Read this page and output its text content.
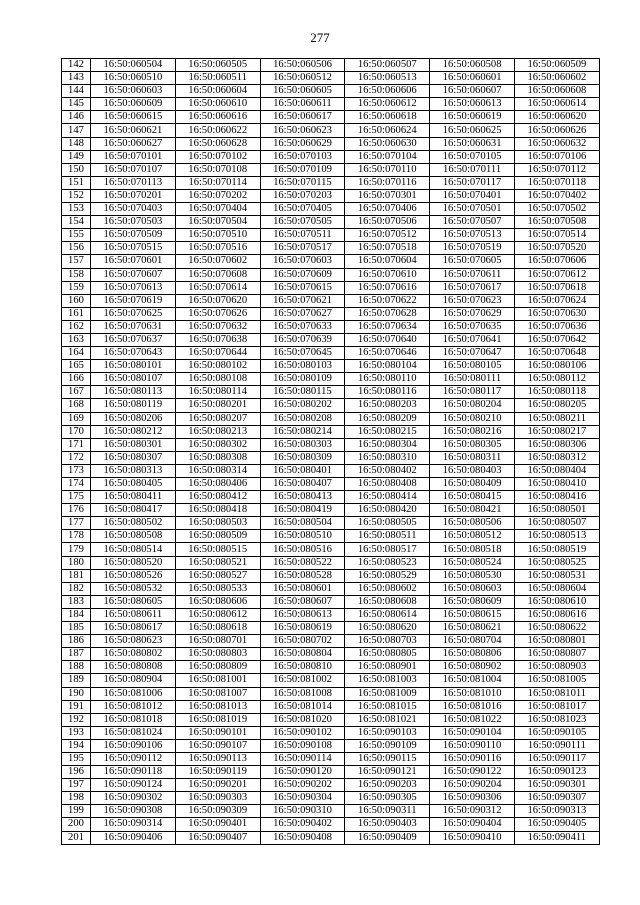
277
142	16:50:060504	16:50:060505	16:50:060506	16:50:060507	16:50:060508	16:50:060509
143	16:50:060510	16:50:060511	16:50:060512	16:50:060513	16:50:060601	16:50:060602
144	16:50:060603	16:50:060604	16:50:060605	16:50:060606	16:50:060607	16:50:060608
145	16:50:060609	16:50:060610	16:50:060611	16:50:060612	16:50:060613	16:50:060614
146	16:50:060615	16:50:060616	16:50:060617	16:50:060618	16:50:060619	16:50:060620
147	16:50:060621	16:50:060622	16:50:060623	16:50:060624	16:50:060625	16:50:060626
148	16:50:060627	16:50:060628	16:50:060629	16:50:060630	16:50:060631	16:50:060632
149	16:50:070101	16:50:070102	16:50:070103	16:50:070104	16:50:070105	16:50:070106
150	16:50:070107	16:50:070108	16:50:070109	16:50:070110	16:50:070111	16:50:070112
151	16:50:070113	16:50:070114	16:50:070115	16:50:070116	16:50:070117	16:50:070118
152	16:50:070201	16:50:070202	16:50:070203	16:50:070301	16:50:070401	16:50:070402
153	16:50:070403	16:50:070404	16:50:070405	16:50:070406	16:50:070501	16:50:070502
154	16:50:070503	16:50:070504	16:50:070505	16:50:070506	16:50:070507	16:50:070508
155	16:50:070509	16:50:070510	16:50:070511	16:50:070512	16:50:070513	16:50:070514
156	16:50:070515	16:50:070516	16:50:070517	16:50:070518	16:50:070519	16:50:070520
157	16:50:070601	16:50:070602	16:50:070603	16:50:070604	16:50:070605	16:50:070606
158	16:50:070607	16:50:070608	16:50:070609	16:50:070610	16:50:070611	16:50:070612
159	16:50:070613	16:50:070614	16:50:070615	16:50:070616	16:50:070617	16:50:070618
160	16:50:070619	16:50:070620	16:50:070621	16:50:070622	16:50:070623	16:50:070624
161	16:50:070625	16:50:070626	16:50:070627	16:50:070628	16:50:070629	16:50:070630
162	16:50:070631	16:50:070632	16:50:070633	16:50:070634	16:50:070635	16:50:070636
163	16:50:070637	16:50:070638	16:50:070639	16:50:070640	16:50:070641	16:50:070642
164	16:50:070643	16:50:070644	16:50:070645	16:50:070646	16:50:070647	16:50:070648
165	16:50:080101	16:50:080102	16:50:080103	16:50:080104	16:50:080105	16:50:080106
166	16:50:080107	16:50:080108	16:50:080109	16:50:080110	16:50:080111	16:50:080112
167	16:50:080113	16:50:080114	16:50:080115	16:50:080116	16:50:080117	16:50:080118
168	16:50:080119	16:50:080201	16:50:080202	16:50:080203	16:50:080204	16:50:080205
169	16:50:080206	16:50:080207	16:50:080208	16:50:080209	16:50:080210	16:50:080211
170	16:50:080212	16:50:080213	16:50:080214	16:50:080215	16:50:080216	16:50:080217
171	16:50:080301	16:50:080302	16:50:080303	16:50:080304	16:50:080305	16:50:080306
172	16:50:080307	16:50:080308	16:50:080309	16:50:080310	16:50:080311	16:50:080312
173	16:50:080313	16:50:080314	16:50:080401	16:50:080402	16:50:080403	16:50:080404
174	16:50:080405	16:50:080406	16:50:080407	16:50:080408	16:50:080409	16:50:080410
175	16:50:080411	16:50:080412	16:50:080413	16:50:080414	16:50:080415	16:50:080416
176	16:50:080417	16:50:080418	16:50:080419	16:50:080420	16:50:080421	16:50:080501
177	16:50:080502	16:50:080503	16:50:080504	16:50:080505	16:50:080506	16:50:080507
178	16:50:080508	16:50:080509	16:50:080510	16:50:080511	16:50:080512	16:50:080513
179	16:50:080514	16:50:080515	16:50:080516	16:50:080517	16:50:080518	16:50:080519
180	16:50:080520	16:50:080521	16:50:080522	16:50:080523	16:50:080524	16:50:080525
181	16:50:080526	16:50:080527	16:50:080528	16:50:080529	16:50:080530	16:50:080531
182	16:50:080532	16:50:080533	16:50:080601	16:50:080602	16:50:080603	16:50:080604
183	16:50:080605	16:50:080606	16:50:080607	16:50:080608	16:50:080609	16:50:080610
184	16:50:080611	16:50:080612	16:50:080613	16:50:080614	16:50:080615	16:50:080616
185	16:50:080617	16:50:080618	16:50:080619	16:50:080620	16:50:080621	16:50:080622
186	16:50:080623	16:50:080701	16:50:080702	16:50:080703	16:50:080704	16:50:080801
187	16:50:080802	16:50:080803	16:50:080804	16:50:080805	16:50:080806	16:50:080807
188	16:50:080808	16:50:080809	16:50:080810	16:50:080901	16:50:080902	16:50:080903
189	16:50:080904	16:50:081001	16:50:081002	16:50:081003	16:50:081004	16:50:081005
190	16:50:081006	16:50:081007	16:50:081008	16:50:081009	16:50:081010	16:50:081011
191	16:50:081012	16:50:081013	16:50:081014	16:50:081015	16:50:081016	16:50:081017
192	16:50:081018	16:50:081019	16:50:081020	16:50:081021	16:50:081022	16:50:081023
193	16:50:081024	16:50:090101	16:50:090102	16:50:090103	16:50:090104	16:50:090105
194	16:50:090106	16:50:090107	16:50:090108	16:50:090109	16:50:090110	16:50:090111
195	16:50:090112	16:50:090113	16:50:090114	16:50:090115	16:50:090116	16:50:090117
196	16:50:090118	16:50:090119	16:50:090120	16:50:090121	16:50:090122	16:50:090123
197	16:50:090124	16:50:090201	16:50:090202	16:50:090203	16:50:090204	16:50:090301
198	16:50:090302	16:50:090303	16:50:090304	16:50:090305	16:50:090306	16:50:090307
199	16:50:090308	16:50:090309	16:50:090310	16:50:090311	16:50:090312	16:50:090313
200	16:50:090314	16:50:090401	16:50:090402	16:50:090403	16:50:090404	16:50:090405
201	16:50:090406	16:50:090407	16:50:090408	16:50:090409	16:50:090410	16:50:090411
